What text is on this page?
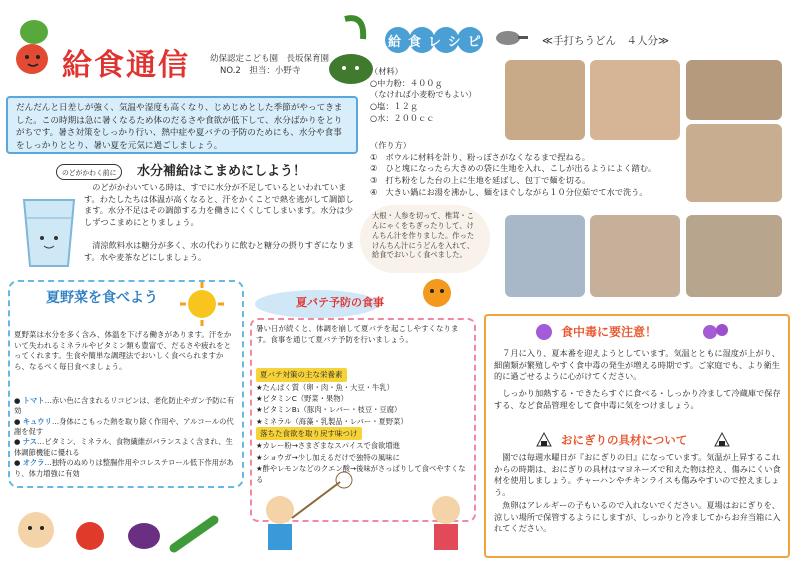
給食通信 幼保認定こども園　長坂保育園
NO.2　担当：小野寺
だんだんと日差しが強く、気温や湿度も高くなり、じめじめとした季節がやってきました。この時期は急に暑くなるため体のだるさや食欲が低下して、水分ばかりをとりがちです。暑さ対策をしっかり行い、熱中症や夏バテの予防のためにも、水分や食事をしっかりととり、暑い夏を元気に過ごしましょう。
のどがかわく前に	水分補給はこまめにしよう！
のどがかわいている時は、すでに水分が不足しているといわれています。わたしたちは体温が高くなると、汗をかくことで熱を逃がして調節します。水分不足はその調節する力を働きにくくしてしまいます。水分は少しずつこまめにとりましょう。
清涼飲料水は糖分が多く、水の代わりに飲むと糖分の摂りすぎになります。水や麦茶などにしましょう。
給食レシピ	≪手打ちうどん　４人分≫
（材料）
○中力粉：４００ｇ
（なければ小麦粉でもよい）
○塩：１２ｇ
○水：２００ｃｃ
（作り方）
①　ボウルに材料を計り、粉っぽさがなくなるまで捏ねる。
②　ひと塊になったら大きめの袋に生地を入れ、こしが出るようによく踏む。
③　打ち粉をした台の上に生地を延ばし、包丁で麺を切る。
④　大きい鍋にお湯を沸かし、麺をほぐしながら１０分位茹でて水で洗う。
大根・人参を切って、椎茸・こんにゃくをちぎったりして、けんちん汁を作りました。作ったけんちん汁にうどんを入れて、給食でおいしく食べました。
夏野菜を食べよう
夏野菜は水分を多く含み、体温を下げる働きがあります。汗をかいて失われるミネラルやビタミン類も豊富で、だるさや疲れをとってくれます。生食や簡単な調理法でおいしく食べられますから、なるべく毎日食べましょう。
● トマト…赤い色に含まれるリコピンは、老化防止やガン予防に有効
● キュウリ…身体にこもった熱を取り除く作用や、アルコールの代謝を促す
● ナス…ビタミン、ミネラル、食物繊維がバランスよく含まれ、生体調節機能に優れる
● オクラ…独特のぬめりは整腸作用やコレステロール低下作用があり、体力増強に有効
夏バテ予防の食事
暑い日が続くと、体調を崩して夏バテを起こしやすくなります。食事を通じて夏バテ予防を行いましょう。
夏バテ対策の主な栄養素
★たんぱく質（卵・肉・魚・大豆・牛乳）
★ビタミンC（野菜・果物）
★ビタミンB₁（豚肉・レバー・枝豆・豆腐）
★ミネラル（海藻・乳製品・レバー・夏野菜）
落ちた食欲を取り戻す味つけ
★カレー粉→さまざまなスパイスで食欲増進
★ショウガ→少し加えるだけで独特の風味に
★酢やレモンなどのクエン酸→後味がさっぱりして食べやすくなる
食中毒に要注意！
７月に入り、夏本番を迎えようとしています。気温とともに湿度が上がり、細菌類が繁殖しやすく食中毒の発生が増える時期です。ご家庭でも、より衛生的に過ごせるように心がけてください。
しっかり加熱する・できたらすぐに食べる・しっかり冷まして冷蔵庫で保存する、など食品管理をして食中毒に気をつけましょう。
おにぎりの具材について
園では毎週水曜日が『おにぎりの日』になっています。気温が上昇するこれからの時期は、おにぎりの具材はマヨネーズで和えた物は控え、傷みにくい食材を使用しましょう。チャーハンやチキンライスも傷みやすいので控えましょう。
魚卵はアレルギーの子もいるので入れないでください。夏場はおにぎりを、涼しい場所で保管するようにしますが、しっかりと冷ましてからお弁当箱に入れてください。
